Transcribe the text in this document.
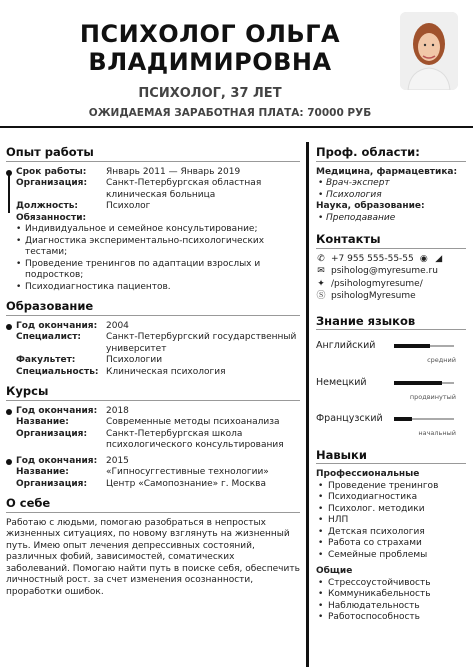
ПСИХОЛОГ ОЛЬГА
ВЛАДИМИРОВНА
ПСИХОЛОГ, 37 ЛЕТ
ОЖИДАЕМАЯ ЗАРАБОТНАЯ ПЛАТА: 70000 РУБ
Опыт работы
Срок работы:	Январь 2011 — Январь 2019
Организация:	Санкт-Петербургская областная клиническая больница
Должность:	Психолог
Обязанности:
• Индивидуальное и семейное консультирование;
• Диагностика экспериментально-психологических тестами;
• Проведение тренингов по адаптации взрослых и подростков;
• Психодиагностика пациентов.
Образование
Год окончания: 2004
Специалист:	Санкт-Петербургский государственный университет
Факультет:	Психологии
Специальность: Клиническая психология
Курсы
Год окончания: 2018
Название:	Современные методы психоанализа
Организация:	Санкт-Петербургская школа психологического консультирования
Год окончания: 2015
Название:	«Гипносуггестивные технологии»
Организация:	Центр «Самопознание» г. Москва
О себе
Работаю с людьми, помогаю разобраться в непростых жизненных ситуациях, по новому взглянуть на жизненный путь. Имею опыт лечения депрессивных состояний, различных фобий, зависимостей, соматических заболеваний. Помогаю найти путь в поиске себя, обеспечить личностный рост. за счет изменения осознанности, проработки ошибок.
Проф. области:
Медицина, фармацевтика:
• Врач-эксперт
• Психология
Наука, образование:
• Преподавание
Контакты
✆ +7 955 555-55-55 ◉ ◢
✉ psiholog@myresume.ru
✦ /psihologmyresume/
Ⓢ psihologMyresume
Знание языков
Английский
средний
Немецкий
продвинутый
Французский
начальный
Навыки
Профессиональные
• Проведение тренингов
• Психодиагностика
• Психолог. методики
• НЛП
• Детская психология
• Работа со страхами
• Семейные проблемы
Общие
• Стрессоустойчивость
• Коммуникабельность
• Наблюдательность
• Работоспособность
